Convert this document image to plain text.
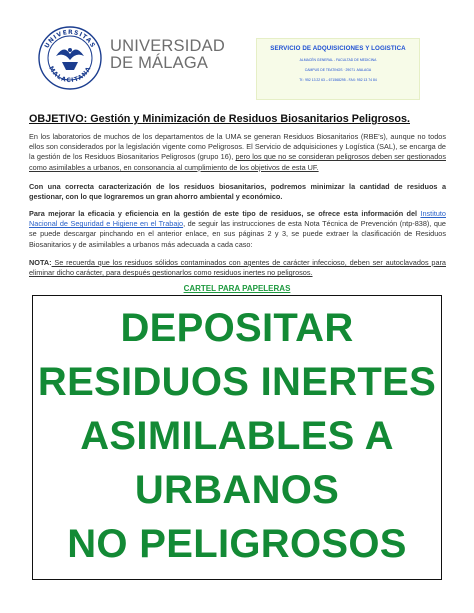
UNIVERSITAS
MALACITANA
UNIVERSIDAD
DE MÁLAGA
SERVICIO DE ADQUISICIONES Y LOGISTICA
ALMACÉN GENERAL - FACULTAD DE MEDICINA
CAMPUS DE TEATINOS · 29071 -MALAGA
Tf.: 952 13 22 63 – 671568295 - FAX: 952 13 74 84
OBJETIVO: Gestión y Minimización de Residuos Biosanitarios Peligrosos.
En los laboratorios de muchos de los departamentos de la UMA se generan Residuos Biosanitarios (RBE's), aunque no todos ellos son considerados por la legislación vigente como Peligrosos. El Servicio de adquisiciones y Logística (SAL), se encarga de la gestión de los Residuos Biosanitarios Peligrosos (grupo 16), pero los que no se consideran peligrosos deben ser gestionados como asimilables a urbanos, en consonancia al cumplimiento de los objetivos de esta UF.
Con una correcta caracterización de los residuos biosanitarios, podremos minimizar la cantidad de residuos a gestionar, con lo que lograremos un gran ahorro ambiental y económico.
Para mejorar la eficacia y eficiencia en la gestión de este tipo de residuos, se ofrece esta información del Instituto Nacional de Seguridad e Higiene en el Trabajo, de seguir las instrucciones de esta Nota Técnica de Prevención (ntp-838), que se puede descargar pinchando en el anterior enlace, en sus páginas 2 y 3, se puede extraer la clasificación de Residuos Biosanitarios y de asimilables a urbanos más adecuada a cada caso:
NOTA: Se recuerda que los residuos sólidos contaminados con agentes de carácter infeccioso, deben ser autoclavados para eliminar dicho carácter, para después gestionarlos como residuos inertes no peligrosos.
CARTEL PARA PAPELERAS
DEPOSITAR
RESIDUOS INERTES
ASIMILABLES A
URBANOS
NO PELIGROSOS
